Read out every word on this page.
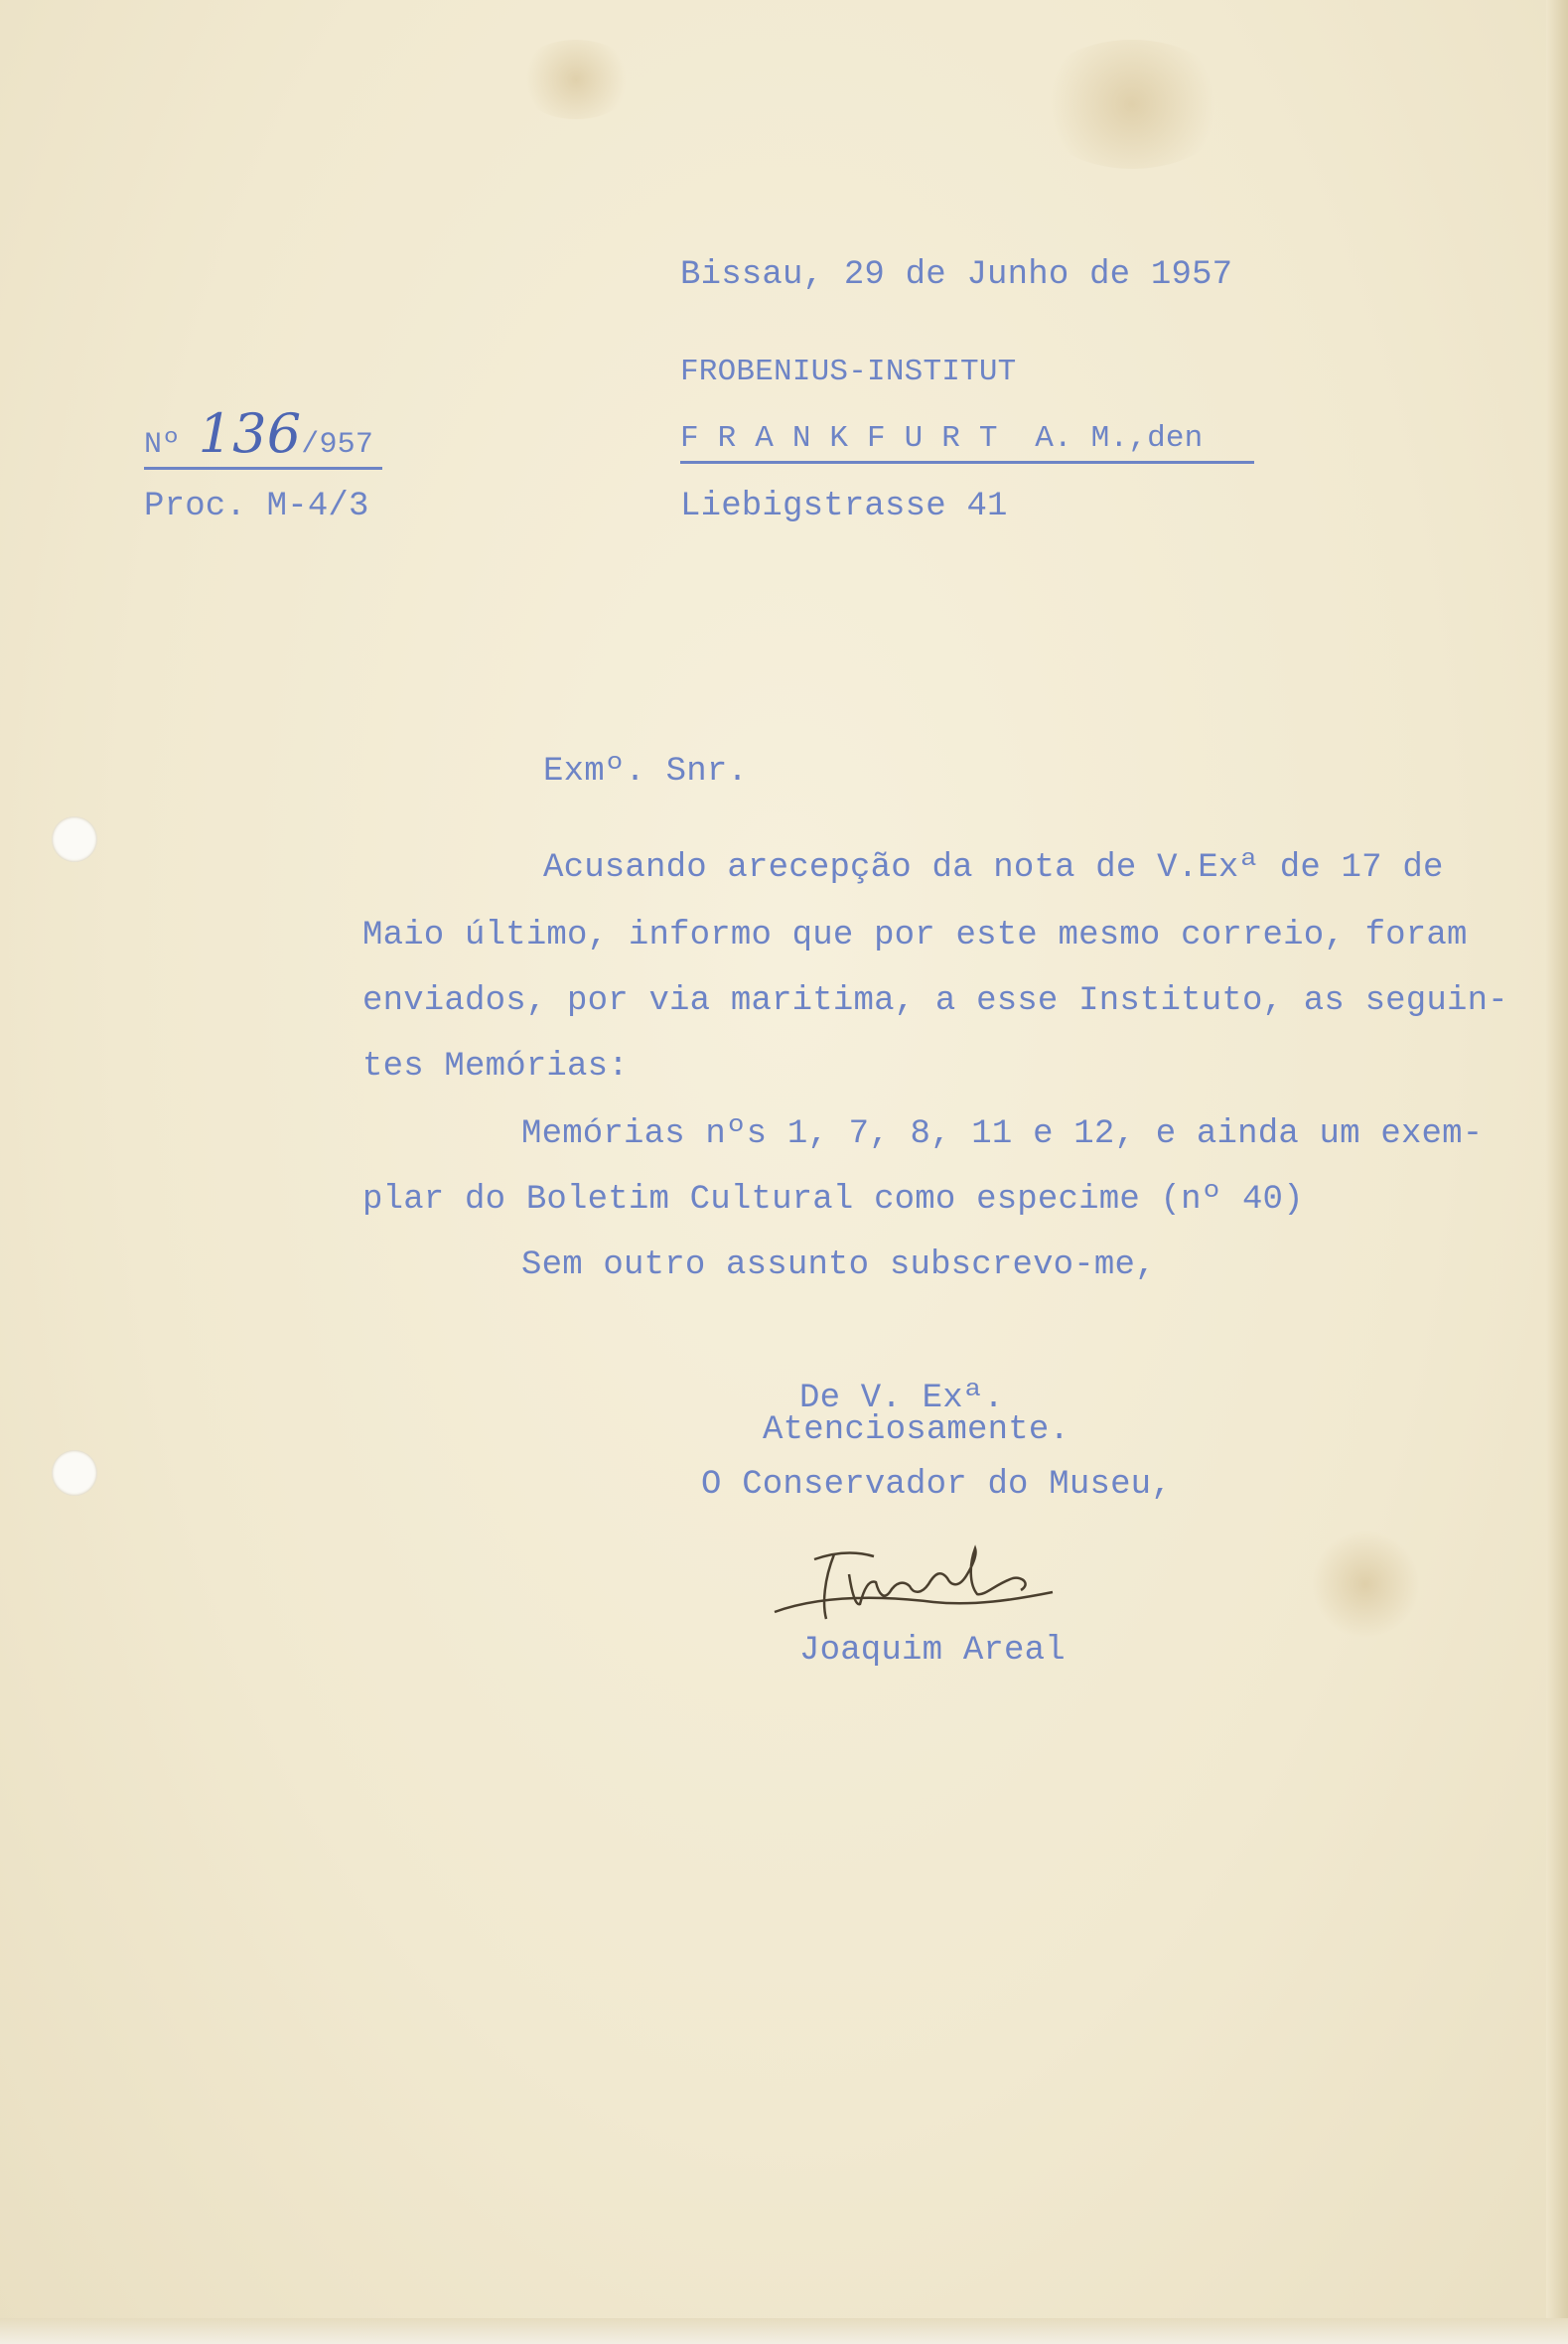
Bissau, 29 de Junho de 1957
FROBENIUS-INSTITUT
F R A N K F U R T  A. M.,den
Liebigstrasse 41
Nº 136/957
Proc. M-4/3
Exmº. Snr.
Acusando arecepção da nota de V.Exª de 17 de
Maio último, informo que por este mesmo correio, foram
enviados, por via maritima, a esse Instituto, as seguin-
tes Memórias:
Memórias nºs 1, 7, 8, 11 e 12, e ainda um exem-
plar do Boletim Cultural como especime (nº 40)
Sem outro assunto subscrevo-me,
De V. Exª.
Atenciosamente.
O Conservador do Museu,
Joaquim Areal
